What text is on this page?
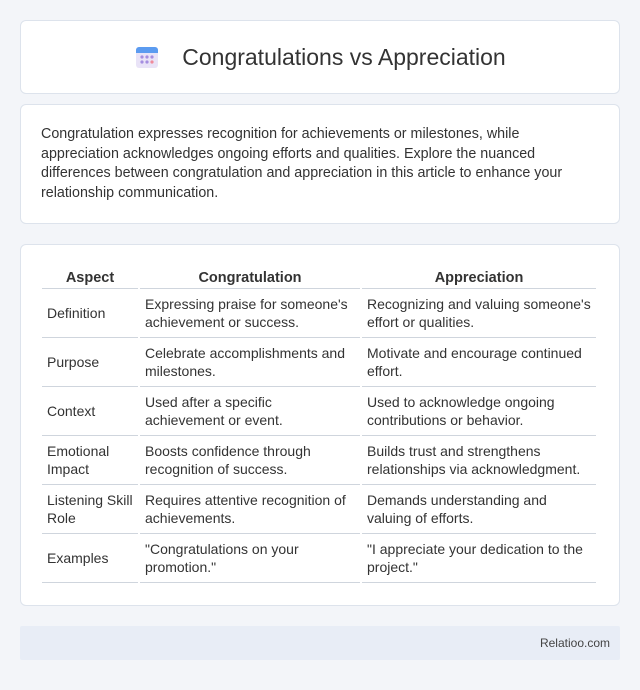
Congratulations vs Appreciation

Congratulation expresses recognition for achievements or milestones, while appreciation acknowledges ongoing efforts and qualities. Explore the nuanced differences between congratulation and appreciation in this article to enhance your relationship communication.

Aspect	Congratulation	Appreciation
Definition	Expressing praise for someone's achievement or success.	Recognizing and valuing someone's effort or qualities.
Purpose	Celebrate accomplishments and milestones.	Motivate and encourage continued effort.
Context	Used after a specific achievement or event.	Used to acknowledge ongoing contributions or behavior.
Emotional Impact	Boosts confidence through recognition of success.	Builds trust and strengthens relationships via acknowledgment.
Listening Skill Role	Requires attentive recognition of achievements.	Demands understanding and valuing of efforts.
Examples	"Congratulations on your promotion."	"I appreciate your dedication to the project."
Relatioo.com
